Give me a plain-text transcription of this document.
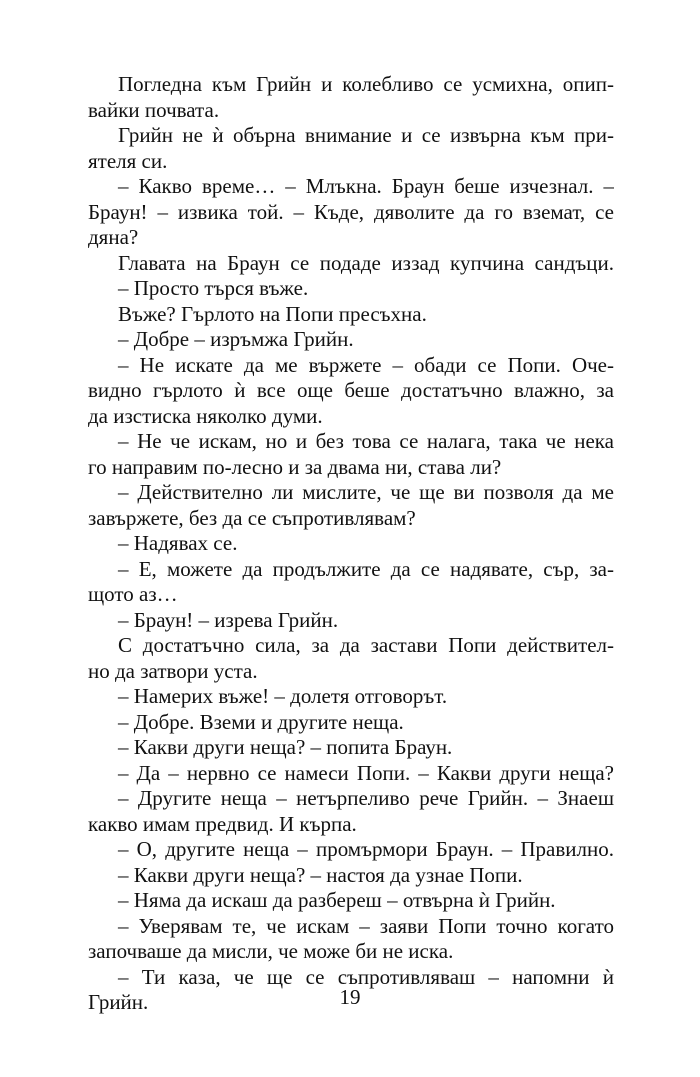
Погледна към Грийн и колебливо се усмихна, опип-
вайки почвата.
Грийн не ѝ обърна внимание и се извърна към при-
ятеля си.
– Какво време… – Млъкна. Браун беше изчезнал. –
Браун! – извика той. – Къде, дяволите да го вземат, се
дяна?
Главата на Браун се подаде иззад купчина сандъци.
– Просто търся въже.
Въже? Гърлото на Попи пресъхна.
– Добре – изръмжа Грийн.
– Не искате да ме вържете – обади се Попи. Оче-
видно гърлото ѝ все още беше достатъчно влажно, за
да изстиска няколко думи.
– Не че искам, но и без това се налага, така че нека
го направим по-лесно и за двама ни, става ли?
– Действително ли мислите, че ще ви позволя да ме
завържете, без да се съпротивлявам?
– Надявах се.
– Е, можете да продължите да се надявате, сър, за-
щото аз…
– Браун! – изрева Грийн.
С достатъчно сила, за да застави Попи действител-
но да затвори уста.
– Намерих въже! – долетя отговорът.
– Добре. Вземи и другите неща.
– Какви други неща? – попита Браун.
– Да – нервно се намеси Попи. – Какви други неща?
– Другите неща – нетърпеливо рече Грийн. – Знаеш
какво имам предвид. И кърпа.
– О, другите неща – промърмори Браун. – Правилно.
– Какви други неща? – настоя да узнае Попи.
– Няма да искаш да разбереш – отвърна ѝ Грийн.
– Уверявам те, че искам – заяви Попи точно когато
започваше да мисли, че може би не иска.
– Ти каза, че ще се съпротивляваш – напомни ѝ
Грийн.	19
